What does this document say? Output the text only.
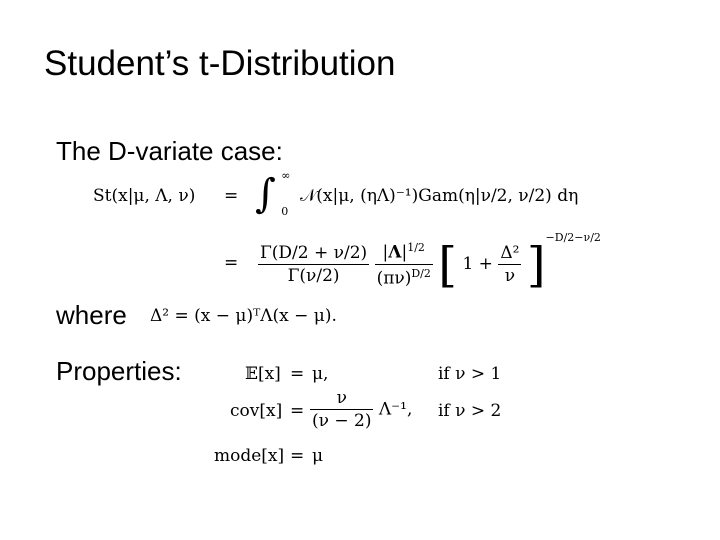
Student’s t-Distribution
The D-variate case:
St(x|μ, Λ, ν) = ∫ ∞

0
𝒩(x|μ, (ηΛ)⁻¹)Gam(η|ν/2, ν/2) dη
= $\frac{\Gamma(D/2 + \nu/2)}{\Gamma(\nu/2)}$
$\frac{|\Lambda|^{1/2}}{(\pi\nu)^{D/2}}$ [ $1 + \frac{\text{Δ²}}{\nu} ]^{-D/2-\nu/2}$
where Δ² = (x − μ)ᵀΛ(x − μ).
Properties:	𝔼[x] = μ,	if ν > 1
$cov[x] = \frac{\nu}{(\nu - 2)} \Lambda^{-1}$, if ν > 2
mode[x] = μ
